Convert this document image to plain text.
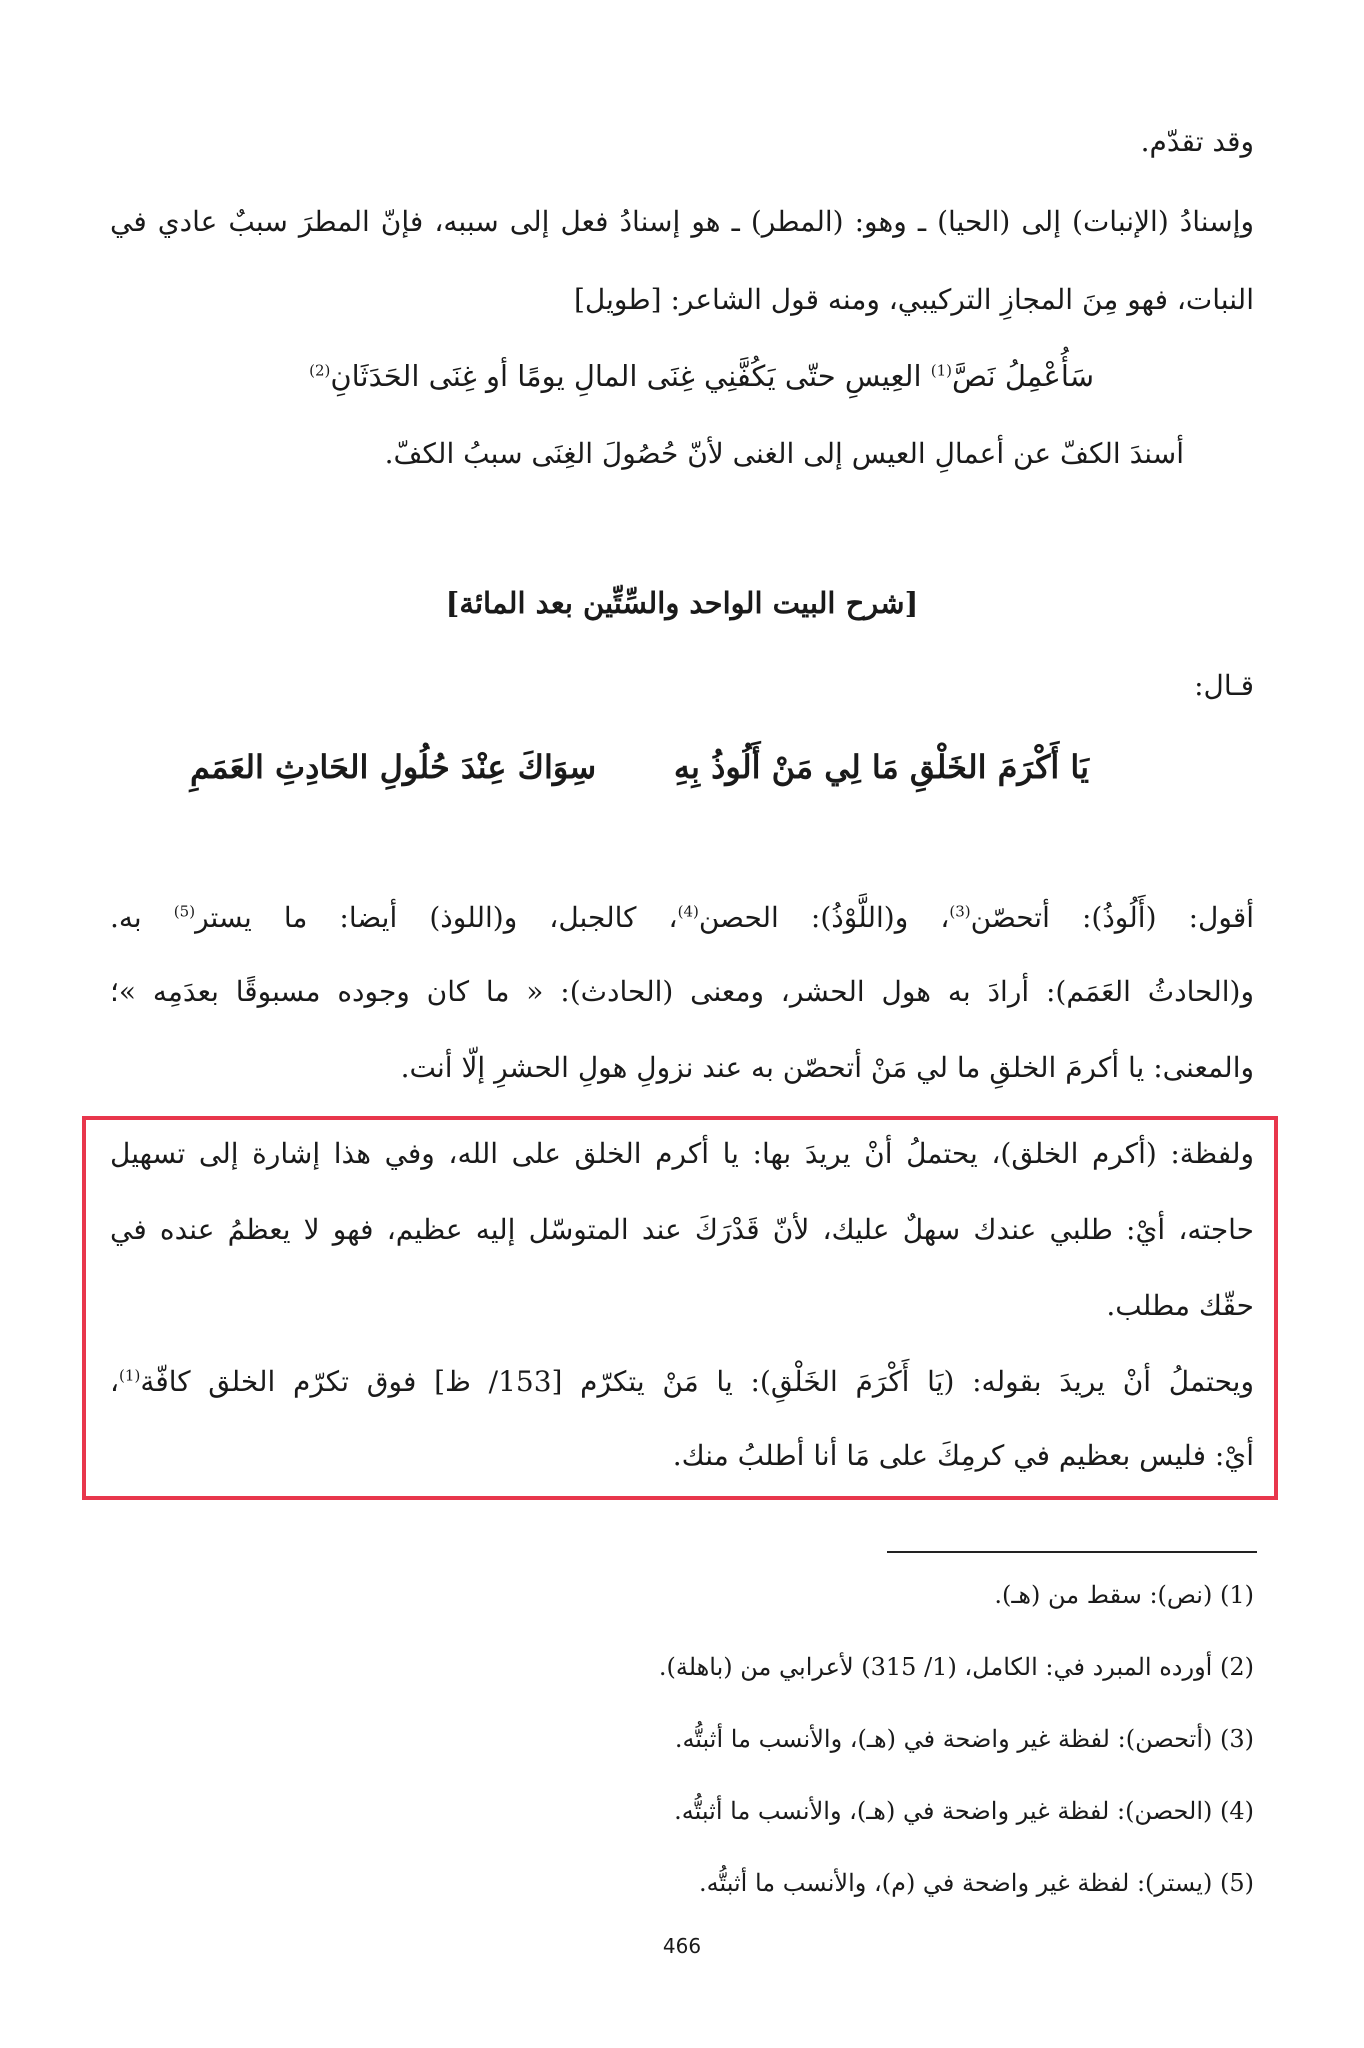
وقد تقدّم.
وإسنادُ (الإنبات) إلى (الحيا) ـ وهو: (المطر) ـ هو إسنادُ فعل إلى سببه، فإنّ المطرَ سببٌ عادي في
النبات، فهو مِنَ المجازِ التركيبي، ومنه قول الشاعر: [طويل]
سَأُعْمِلُ نَصَّ$^{(1)}$ العِيسِ حتّى يَكُفَّنِي غِنَى المالِ يومًا أو غِنَى الحَدَثَانِ$^{(2)}$
أسندَ الكفّ عن أعمالِ العيس إلى الغنى لأنّ حُصُولَ الغِنَى سببُ الكفّ.
[شرح البيت الواحد والسِّتِّين بعد المائة]
قـال:
يَا أَكْرَمَ الخَلْقِ مَا لِي مَنْ أَلُوذُ بِهِ
سِوَاكَ عِنْدَ حُلُولِ الحَادِثِ العَمَمِ
أقول: (أَلُوذُ): أتحصّن$^{(3)}$، و(اللَّوْذُ): الحصن$^{(4)}$، كالجبل، و(اللوذ) أيضا: ما يستر$^{(5)}$ به.
و(الحادثُ العَمَم): أرادَ به هول الحشر، ومعنى (الحادث): « ما كان وجوده مسبوقًا بعدَمِه »؛
والمعنى: يا أكرمَ الخلقِ ما لي مَنْ أتحصّن به عند نزولِ هولِ الحشرِ إلّا أنت.
ولفظة: (أكرم الخلق)، يحتملُ أنْ يريدَ بها: يا أكرم الخلق على الله، وفي هذا إشارة إلى تسهيل
حاجته، أيْ: طلبي عندك سهلٌ عليك، لأنّ قَدْرَكَ عند المتوسّل إليه عظيم، فهو لا يعظمُ عنده في
حقّك مطلب.
ويحتملُ أنْ يريدَ بقوله: (يَا أَكْرَمَ الخَلْقِ): يا مَنْ يتكرّم [153/ ظ] فوق تكرّم الخلق كافّة$^{(1)}$،
أيْ: فليس بعظيم في كرمِكَ على مَا أنا أطلبُ منك.
(1) (نص): سقط من (هـ).
(2) أورده المبرد في: الكامل، (1/ 315) لأعرابي من (باهلة).
(3) (أتحصن): لفظة غير واضحة في (هـ)، والأنسب ما أثبتُّه.
(4) (الحصن): لفظة غير واضحة في (هـ)، والأنسب ما أثبتُّه.
(5) (يستر): لفظة غير واضحة في (م)، والأنسب ما أثبتُّه.
466
